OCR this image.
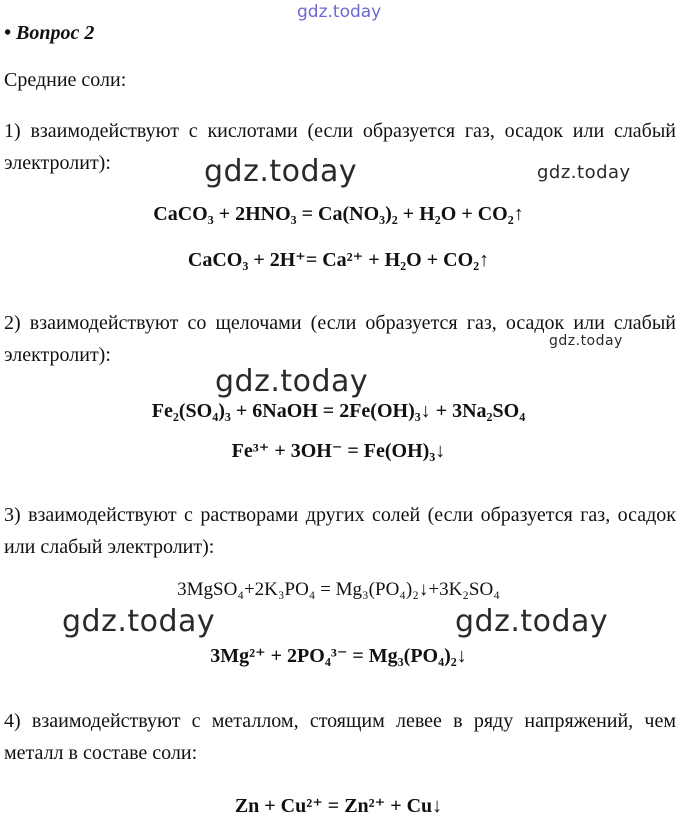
gdz.today
gdz.today	gdz.today
gdz.today
gdz.today
gdz.today	gdz.today
• Вопрос 2
Средние соли:
1) взаимодействуют с кислотами (если образуется газ, осадок или слабый электролит):
CaCO₃ + 2HNO₃ = Ca(NO₃)₂ + H₂O + CO₂↑
CaCO₃ + 2H⁺= Ca²⁺ + H₂O + CO₂↑
2) взаимодействуют со щелочами (если образуется газ, осадок или слабый электролит):
Fe₂(SO₄)₃ + 6NaOH = 2Fe(OH)₃↓ + 3Na₂SO₄
Fe³⁺ + 3OH⁻ = Fe(OH)₃↓
3) взаимодействуют с растворами других солей (если образуется газ, осадок или слабый электролит):
3MgSO₄+2K₃PO₄ = Mg₃(PO₄)₂↓+3K₂SO₄
3Mg²⁺ + 2PO₄³⁻ = Mg₃(PO₄)₂↓
4) взаимодействуют с металлом, стоящим левее в ряду напряжений, чем металл в составе соли:
Zn + Cu²⁺ = Zn²⁺ + Cu↓
